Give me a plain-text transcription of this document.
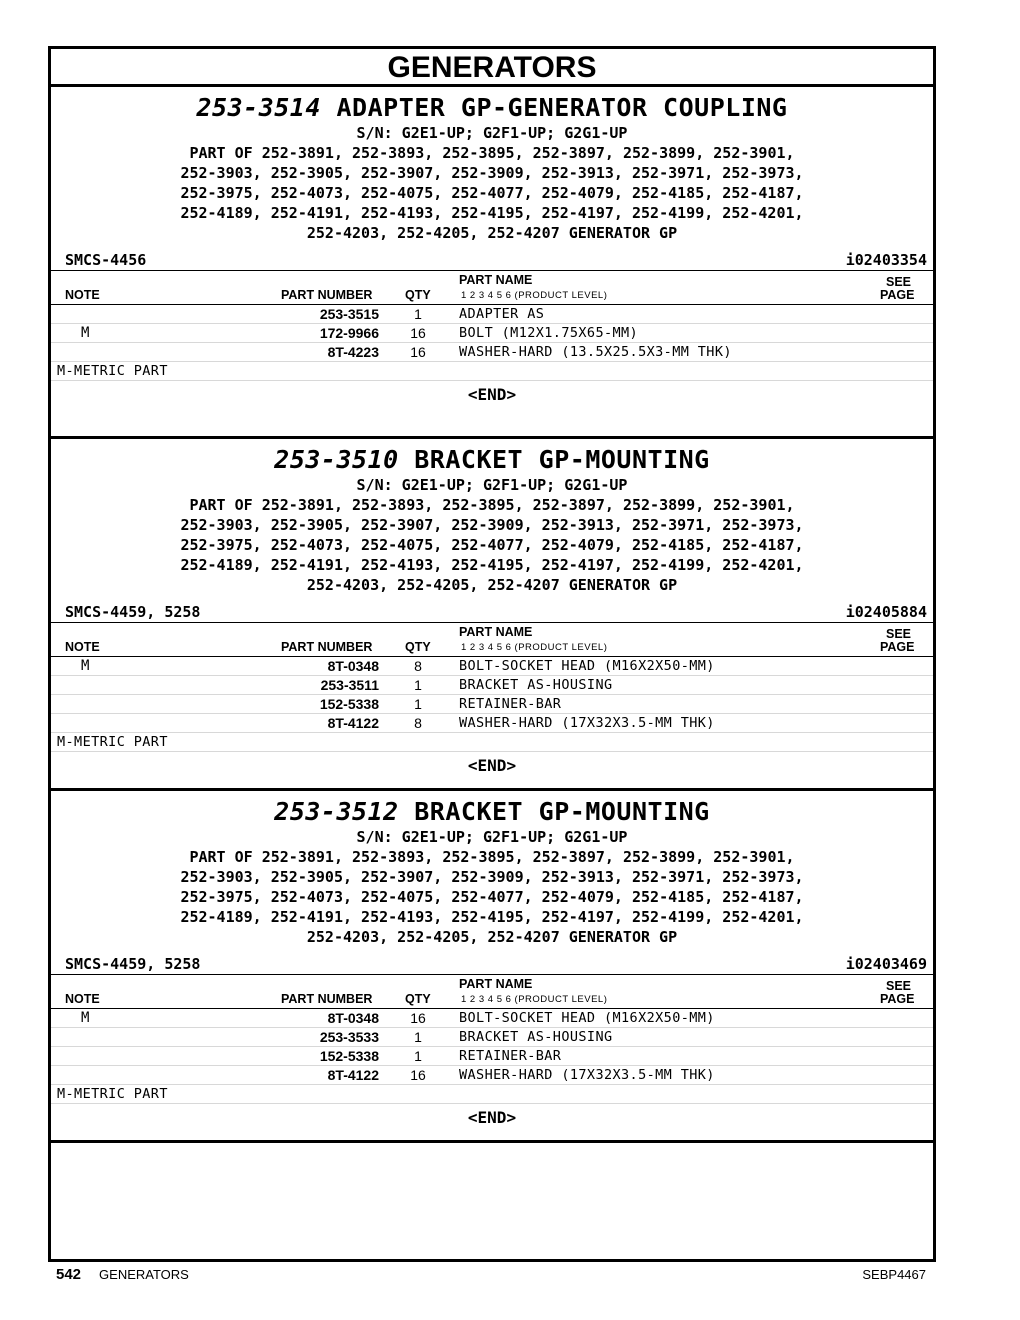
GENERATORS
253-3514 ADAPTER GP-GENERATOR COUPLING
S/N: G2E1-UP; G2F1-UP; G2G1-UP
PART OF 252-3891, 252-3893, 252-3895, 252-3897, 252-3899, 252-3901,
252-3903, 252-3905, 252-3907, 252-3909, 252-3913, 252-3971, 252-3973,
252-3975, 252-4073, 252-4075, 252-4077, 252-4079, 252-4185, 252-4187,
252-4189, 252-4191, 252-4193, 252-4195, 252-4197, 252-4199, 252-4201,
252-4203, 252-4205, 252-4207 GENERATOR GP
SMCS-4456	i02403354
NOTE	PART NUMBER	QTY
PART NAME
1 2 3 4 5 6 (PRODUCT LEVEL)
SEE
PAGE
253-3515	1	ADAPTER AS
M	172-9966	16	BOLT (M12X1.75X65-MM)
8T-4223	16	WASHER-HARD (13.5X25.5X3-MM THK)
M-METRIC PART
<END>
253-3510 BRACKET GP-MOUNTING
S/N: G2E1-UP; G2F1-UP; G2G1-UP
PART OF 252-3891, 252-3893, 252-3895, 252-3897, 252-3899, 252-3901,
252-3903, 252-3905, 252-3907, 252-3909, 252-3913, 252-3971, 252-3973,
252-3975, 252-4073, 252-4075, 252-4077, 252-4079, 252-4185, 252-4187,
252-4189, 252-4191, 252-4193, 252-4195, 252-4197, 252-4199, 252-4201,
252-4203, 252-4205, 252-4207 GENERATOR GP
SMCS-4459, 5258	i02405884
NOTE	PART NUMBER	QTY
PART NAME
1 2 3 4 5 6 (PRODUCT LEVEL)
SEE
PAGE
M	8T-0348	8	BOLT-SOCKET HEAD (M16X2X50-MM)
253-3511	1	BRACKET AS-HOUSING
152-5338	1	RETAINER-BAR
8T-4122	8	WASHER-HARD (17X32X3.5-MM THK)
M-METRIC PART
<END>
253-3512 BRACKET GP-MOUNTING
S/N: G2E1-UP; G2F1-UP; G2G1-UP
PART OF 252-3891, 252-3893, 252-3895, 252-3897, 252-3899, 252-3901,
252-3903, 252-3905, 252-3907, 252-3909, 252-3913, 252-3971, 252-3973,
252-3975, 252-4073, 252-4075, 252-4077, 252-4079, 252-4185, 252-4187,
252-4189, 252-4191, 252-4193, 252-4195, 252-4197, 252-4199, 252-4201,
252-4203, 252-4205, 252-4207 GENERATOR GP
SMCS-4459, 5258	i02403469
NOTE	PART NUMBER	QTY
PART NAME
1 2 3 4 5 6 (PRODUCT LEVEL)
SEE
PAGE
M	8T-0348	16	BOLT-SOCKET HEAD (M16X2X50-MM)
253-3533	1	BRACKET AS-HOUSING
152-5338	1	RETAINER-BAR
8T-4122	16	WASHER-HARD (17X32X3.5-MM THK)
M-METRIC PART
<END>
542 GENERATORS	SEBP4467
